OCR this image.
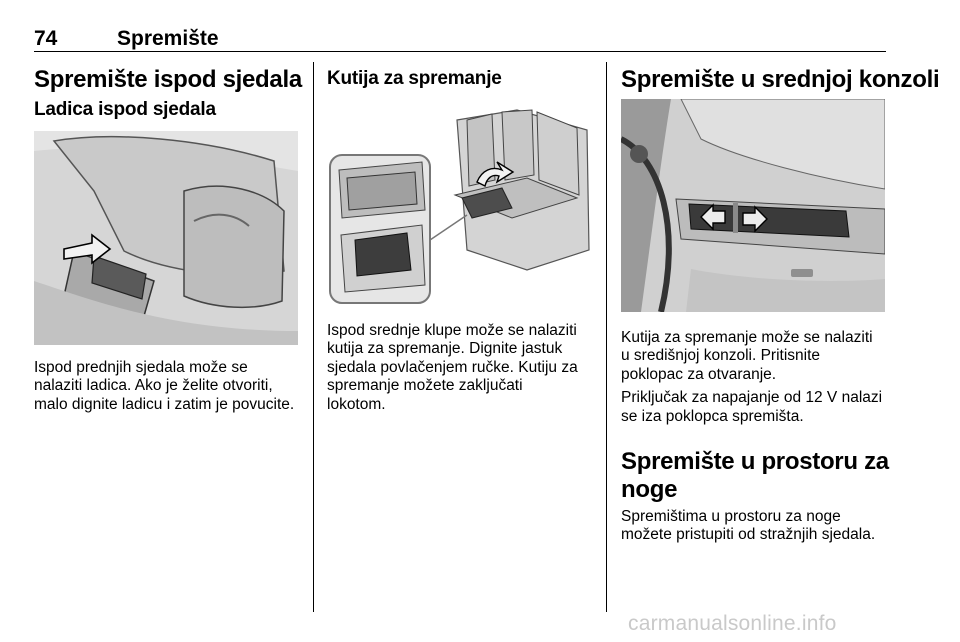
74	Spremište
Spremište ispod sjedala
Ladica ispod sjedala

Ispod prednjih sjedala može se

nalaziti ladica. Ako je želite otvoriti,

malo dignite ladicu i zatim je povucite.

Kutija za spremanje

Ispod srednje klupe može se nalaziti

kutija za spremanje. Dignite jastuk

sjedala povlačenjem ručke. Kutiju za

spremanje možete zaključati

lokotom.

Spremište u srednjoj konzoli

Kutija za spremanje može se nalaziti

u središnjoj konzoli. Pritisnite

poklopac za otvaranje.

Priključak za napajanje od 12 V nalazi

se iza poklopca spremišta.

Spremište u prostoru za
noge

Spremištima u prostoru za noge

možete pristupiti od stražnjih sjedala.

carmanualsonline.info
